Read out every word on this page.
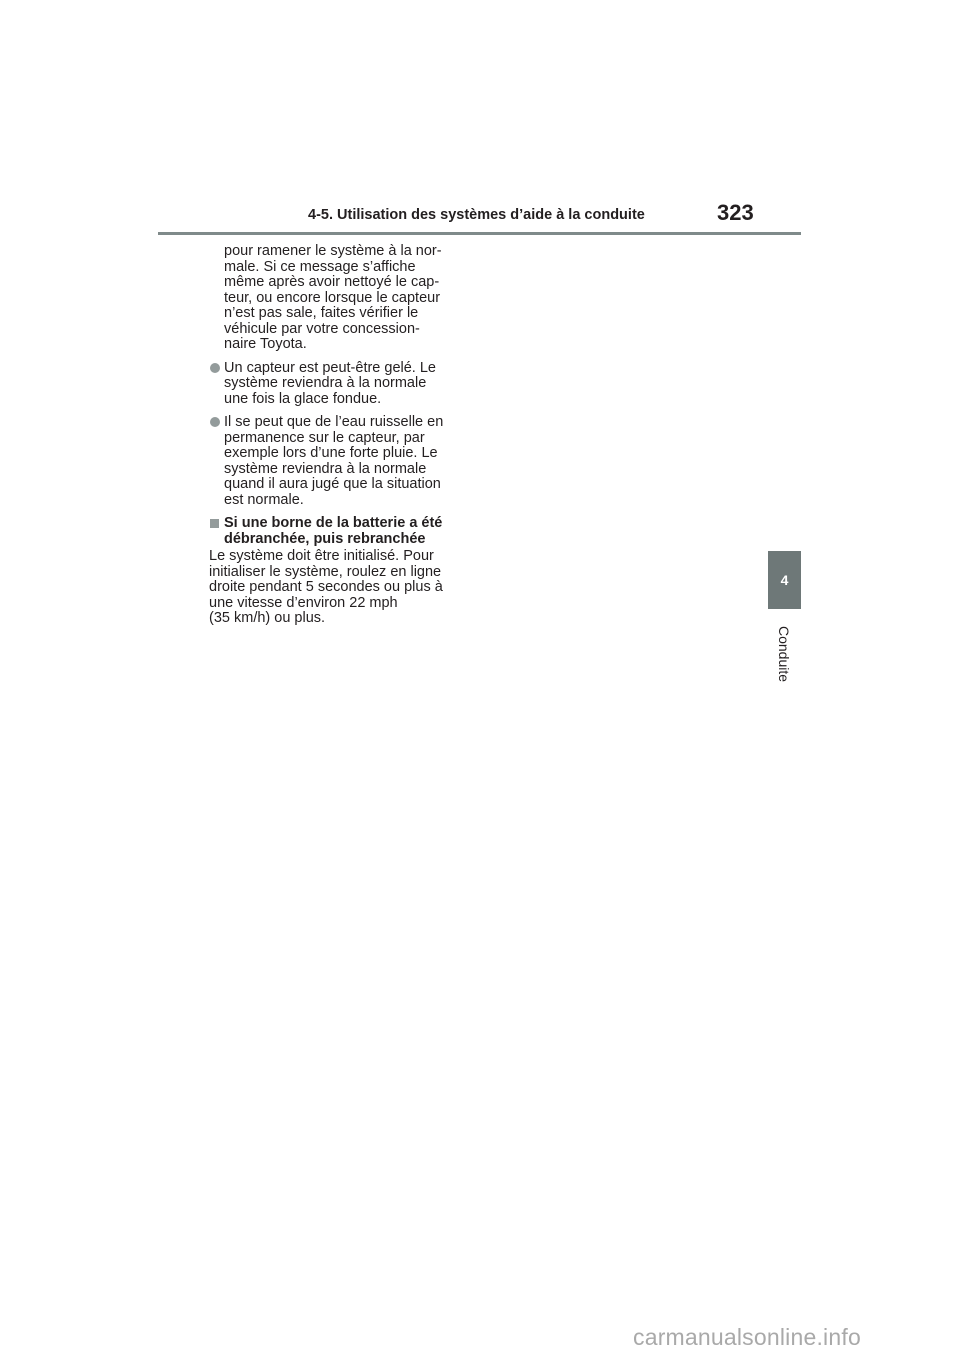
4-5. Utilisation des systèmes d’aide à la conduite	323
4
Conduite
pour ramener le système à la nor-
male. Si ce message s’affiche
même après avoir nettoyé le cap-
teur, ou encore lorsque le capteur
n’est pas sale, faites vérifier le
véhicule par votre concession-
naire Toyota.
Un capteur est peut-être gelé. Le
système reviendra à la normale
une fois la glace fondue.
Il se peut que de l’eau ruisselle en
permanence sur le capteur, par
exemple lors d’une forte pluie. Le
système reviendra à la normale
quand il aura jugé que la situation
est normale.
Si une borne de la batterie a été
débranchée, puis rebranchée
Le système doit être initialisé. Pour
initialiser le système, roulez en ligne
droite pendant 5 secondes ou plus à
une vitesse d’environ 22 mph
(35 km/h) ou plus.
carmanualsonline.info
